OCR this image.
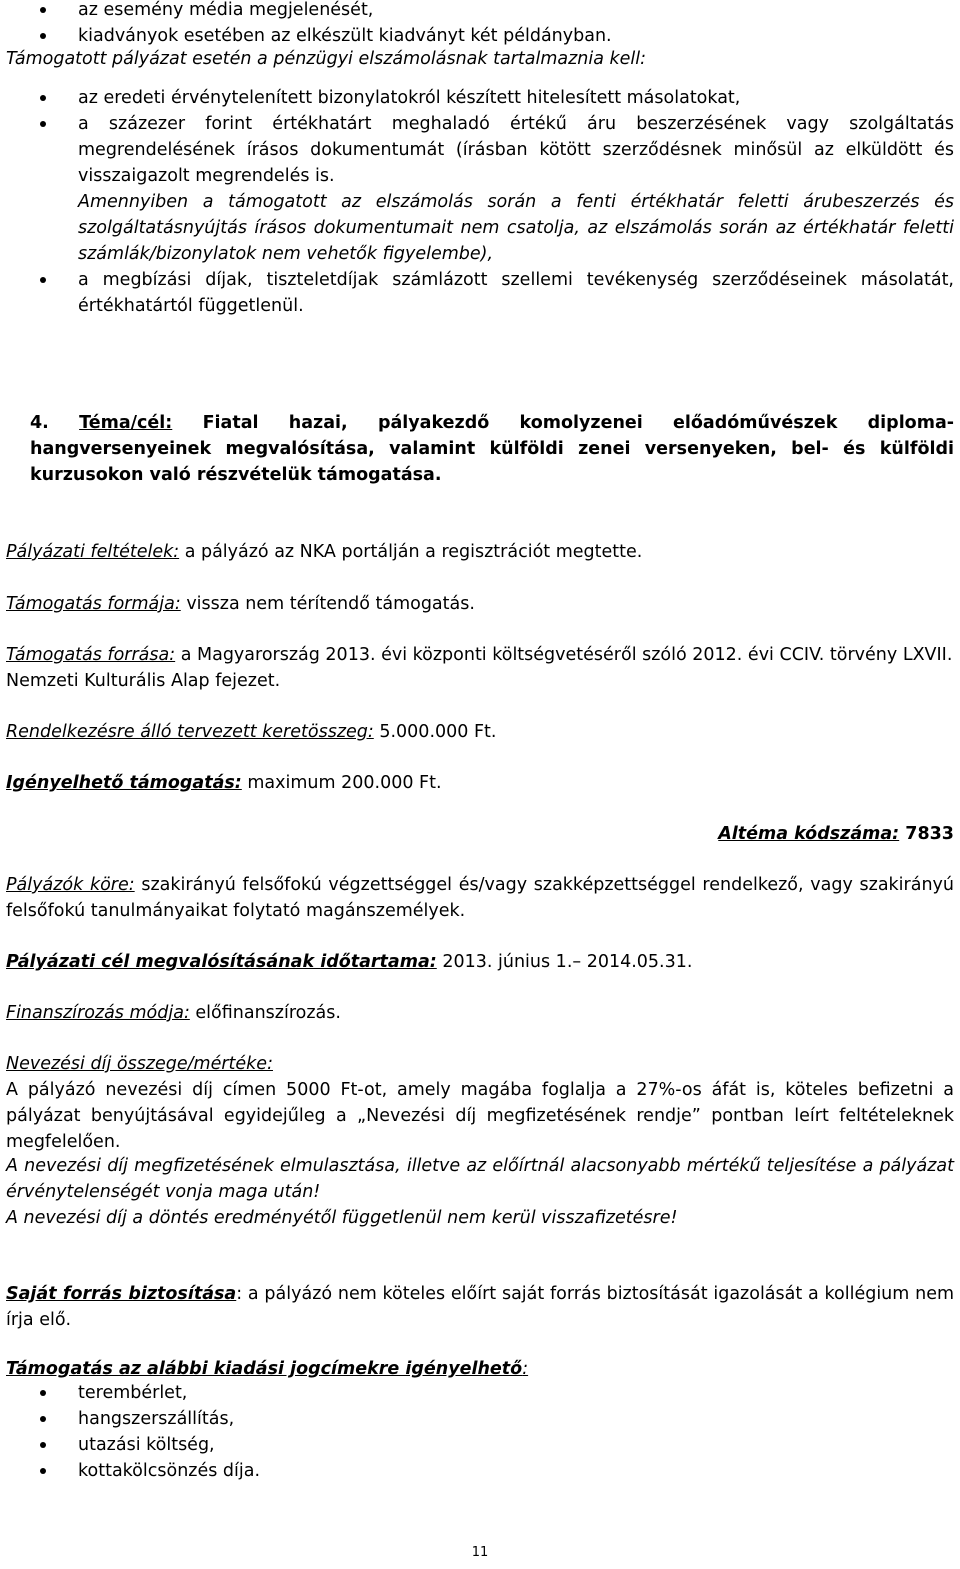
az esemény média megjelenését,
kiadványok esetében az elkészült kiadványt két példányban.
Támogatott pályázat esetén a pénzügyi elszámolásnak tartalmaznia kell:
az eredeti érvénytelenített bizonylatokról készített hitelesített másolatokat,
a százezer forint értékhatárt meghaladó értékű áru beszerzésének vagy szolgáltatás megrendelésének írásos dokumentumát (írásban kötött szerződésnek minősül az elküldött és visszaigazolt megrendelés is.
Amennyiben a támogatott az elszámolás során a fenti értékhatár feletti árubeszerzés és szolgáltatásnyújtás írásos dokumentumait nem csatolja, az elszámolás során az értékhatár feletti számlák/bizonylatok nem vehetők figyelembe),
a megbízási díjak, tiszteletdíjak számlázott szellemi tevékenység szerződéseinek másolatát, értékhatártól függetlenül.
4. Téma/cél: Fiatal hazai, pályakezdő komolyzenei előadóművészek diploma-hangversenyeinek megvalósítása, valamint külföldi zenei versenyeken, bel- és külföldi kurzusokon való részvételük támogatása.
Pályázati feltételek: a pályázó az NKA portálján a regisztrációt megtette.
Támogatás formája: vissza nem térítendő támogatás.
Támogatás forrása: a Magyarország 2013. évi központi költségvetéséről szóló 2012. évi CCIV. törvény LXVII. Nemzeti Kulturális Alap fejezet.
Rendelkezésre álló tervezett keretösszeg: 5.000.000 Ft.
Igényelhető támogatás: maximum 200.000 Ft.
Altéma kódszáma: 7833
Pályázók köre: szakirányú felsőfokú végzettséggel és/vagy szakképzettséggel rendelkező, vagy szakirányú felsőfokú tanulmányaikat folytató magánszemélyek.
Pályázati cél megvalósításának időtartama: 2013. június 1.– 2014.05.31.
Finanszírozás módja: előfinanszírozás.
Nevezési díj összege/mértéke:
A pályázó nevezési díj címen 5000 Ft-ot, amely magába foglalja a 27%-os áfát is, köteles befizetni a pályázat benyújtásával egyidejűleg a „Nevezési díj megfizetésének rendje” pontban leírt feltételeknek megfelelően.
A nevezési díj megfizetésének elmulasztása, illetve az előírtnál alacsonyabb mértékű teljesítése a pályázat érvénytelenségét vonja maga után!
A nevezési díj a döntés eredményétől függetlenül nem kerül visszafizetésre!
Saját forrás biztosítása: a pályázó nem köteles előírt saját forrás biztosítását igazolását a kollégium nem írja elő.
Támogatás az alábbi kiadási jogcímekre igényelhető:
terembérlet,
hangszerszállítás,
utazási költség,
kottakölcsönzés díja.
11
